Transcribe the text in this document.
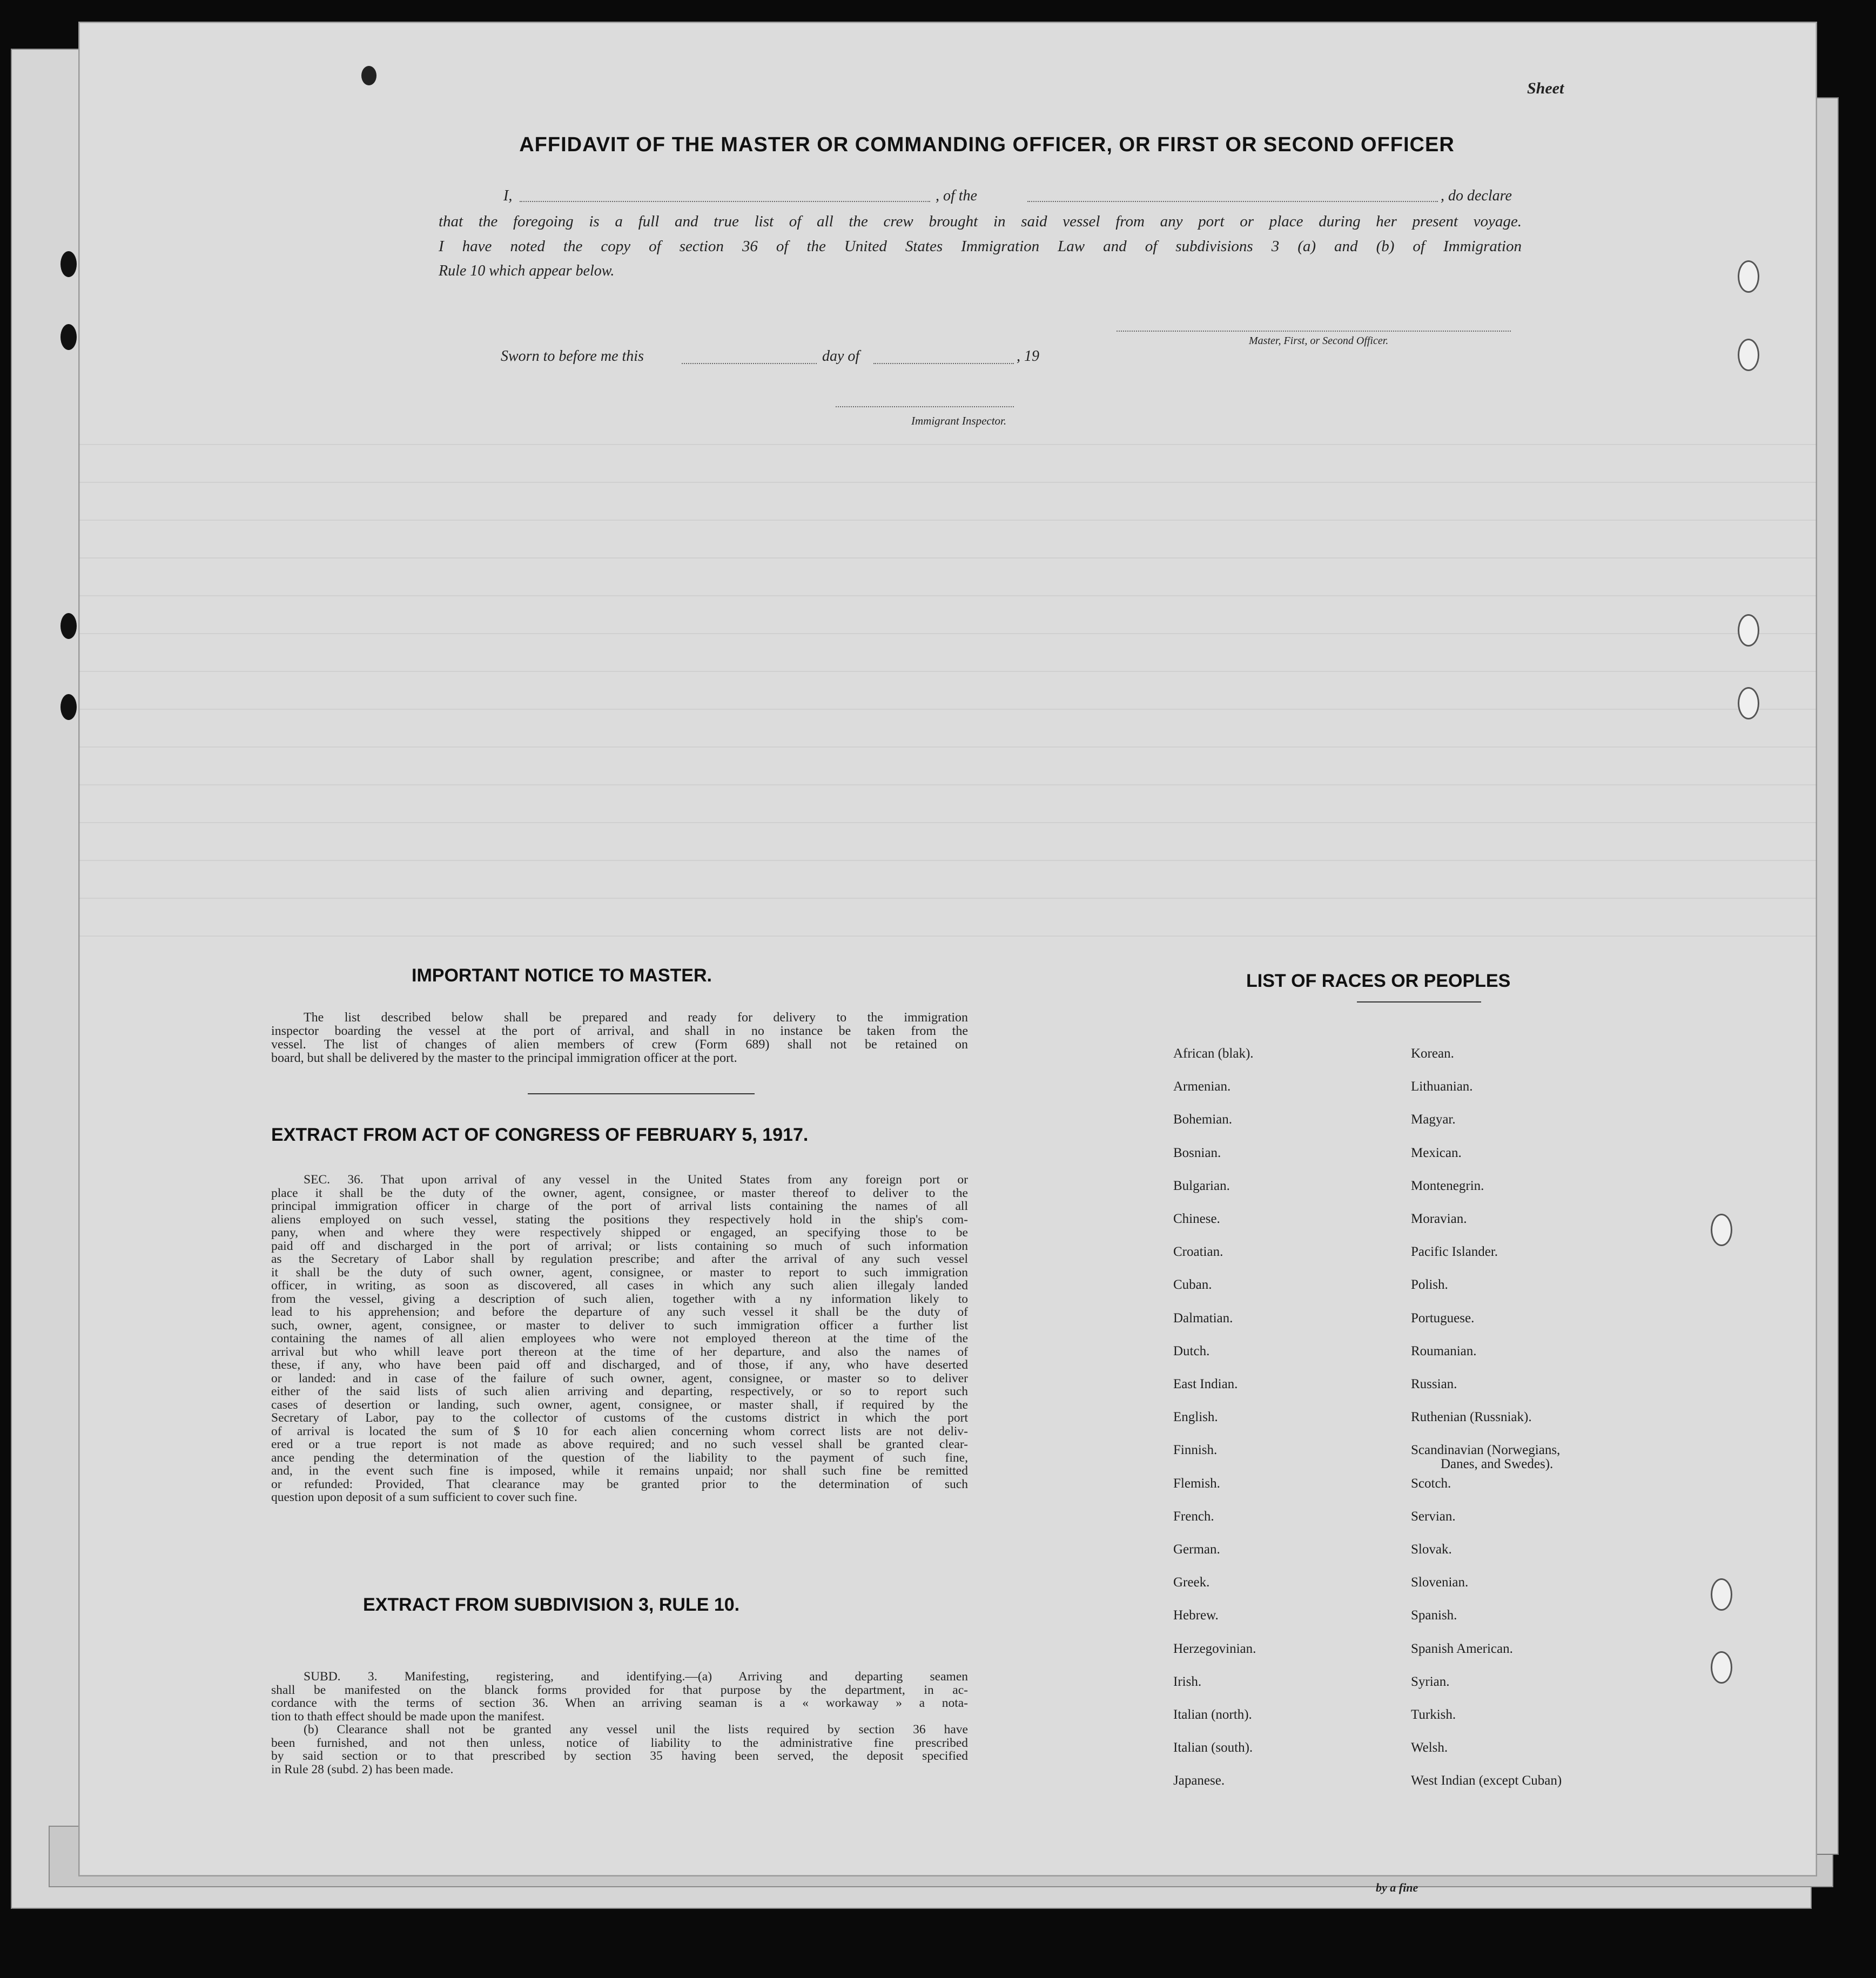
Sheet
AFFIDAVIT OF THE MASTER OR COMMANDING OFFICER, OR FIRST OR SECOND OFFICER
I,	, of the	, do declare
that the foregoing is a full and true list of all the crew brought in said vessel from any port or place during her present voyage.
I have noted the copy of section 36 of the United States Immigration Law and of subdivisions 3 (a) and (b) of Immigration
Rule 10 which appear below.
Master, First, or Second Officer.
Sworn to before me this	day of	, 19
Immigrant Inspector.
IMPORTANT NOTICE TO MASTER.
The list described below shall be prepared and ready for delivery to the immigration
inspector boarding the vessel at the port of arrival, and shall in no instance be taken from the
vessel. The list of changes of alien members of crew (Form 689) shall not be retained on
board, but shall be delivered by the master to the principal immigration officer at the port.
EXTRACT FROM ACT OF CONGRESS OF FEBRUARY 5, 1917.
SEC. 36. That upon arrival of any vessel in the United States from any foreign port or
place it shall be the duty of the owner, agent, consignee, or master thereof to deliver to the
principal immigration officer in charge of the port of arrival lists containing the names of all
aliens employed on such vessel, stating the positions they respectively hold in the ship's com-
pany, when and where they were respectively shipped or engaged, an specifying those to be
paid off and discharged in the port of arrival; or lists containing so much of such information
as the Secretary of Labor shall by regulation prescribe; and after the arrival of any such vessel
it shall be the duty of such owner, agent, consignee, or master to report to such immigration
officer, in writing, as soon as discovered, all cases in which any such alien illegaly landed
from the vessel, giving a description of such alien, together with a ny information likely to
lead to his apprehension; and before the departure of any such vessel it shall be the duty of
such, owner, agent, consignee, or master to deliver to such immigration officer a further list
containing the names of all alien employees who were not employed thereon at the time of the
arrival but who whill leave port thereon at the time of her departure, and also the names of
these, if any, who have been paid off and discharged, and of those, if any, who have deserted
or landed: and in case of the failure of such owner, agent, consignee, or master so to deliver
either of the said lists of such alien arriving and departing, respectively, or so to report such
cases of desertion or landing, such owner, agent, consignee, or master shall, if required by the
Secretary of Labor, pay to the collector of customs of the customs district in which the port
of arrival is located the sum of $ 10 for each alien concerning whom correct lists are not deliv-
ered or a true report is not made as above required; and no such vessel shall be granted clear-
ance pending the determination of the question of the liability to the payment of such fine,
and, in the event such fine is imposed, while it remains unpaid; nor shall such fine be remitted
or refunded: Provided, That clearance may be granted prior to the determination of such
question upon deposit of a sum sufficient to cover such fine.
EXTRACT FROM SUBDIVISION 3, RULE 10.
SUBD. 3. Manifesting, registering, and identifying.—(a) Arriving and departing seamen
shall be manifested on the blanck forms provided for that purpose by the department, in ac-
cordance with the terms of section 36. When an arriving seaman is a « workaway » a nota-
tion to thath effect should be made upon the manifest.
(b) Clearance shall not be granted any vessel unil the lists required by section 36 have
been furnished, and not then unless, notice of liability to the administrative fine prescribed
by said section or to that prescribed by section 35 having been served, the deposit specified
in Rule 28 (subd. 2) has been made.
LIST OF RACES OR PEOPLES
by a fine
African (blak).
Armenian.
Bohemian.
Bosnian.
Bulgarian.
Chinese.
Croatian.
Cuban.
Dalmatian.
Dutch.
East Indian.
English.
Finnish.
Flemish.
French.
German.
Greek.
Hebrew.
Herzegovinian.
Irish.
Italian (north).
Italian (south).
Japanese.
Korean.
Lithuanian.
Magyar.
Mexican.
Montenegrin.
Moravian.
Pacific Islander.
Polish.
Portuguese.
Roumanian.
Russian.
Ruthenian (Russniak).
Scandinavian (Norwegians,
Danes, and Swedes).
Scotch.
Servian.
Slovak.
Slovenian.
Spanish.
Spanish American.
Syrian.
Turkish.
Welsh.
West Indian (except Cuban)
